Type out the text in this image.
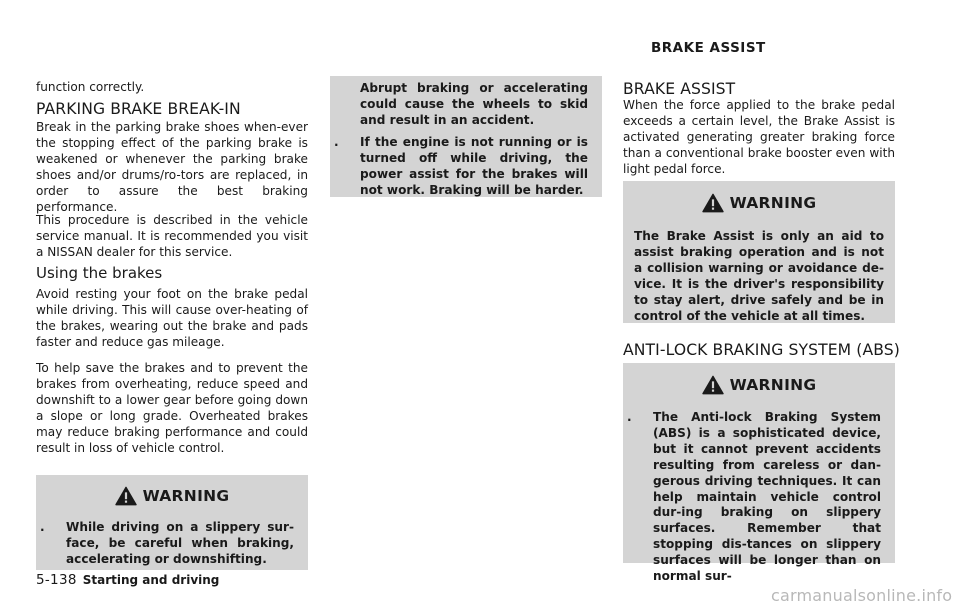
BRAKE ASSIST

function correctly.

PARKING BRAKE BREAK-IN

Break in the parking brake shoes when-ever the stopping effect of the parking brake is weakened or whenever the parking brake shoes and/or drums/ro-tors are replaced, in order to assure the best braking performance.

This procedure is described in the vehicle service manual. It is recommended you visit a NISSAN dealer for this service.

Using the brakes

Avoid resting your foot on the brake pedal while driving. This will cause over-heating of the brakes, wearing out the brake and pads faster and reduce gas mileage.

To help save the brakes and to prevent the brakes from overheating, reduce speed and downshift to a lower gear before going down a slope or long grade. Overheated brakes may reduce braking performance and could result in loss of vehicle control.

WARNING
.	While driving on a slippery sur-face, be careful when braking, accelerating or downshifting.

Abrupt braking or accelerating could cause the wheels to skid and result in an accident.

.	If the engine is not running or is turned off while driving, the power assist for the brakes will not work. Braking will be harder.

BRAKE ASSIST

When the force applied to the brake pedal exceeds a certain level, the Brake Assist is activated generating greater braking force than a conventional brake booster even with light pedal force.

WARNING

The Brake Assist is only an aid to assist braking operation and is not a collision warning or avoidance de-vice. It is the driver's responsibility to stay alert, drive safely and be in control of the vehicle at all times.

ANTI-LOCK BRAKING SYSTEM (ABS)
WARNING
.	The Anti-lock Braking System (ABS) is a sophisticated device, but it cannot prevent accidents resulting from careless or dan-gerous driving techniques. It can help maintain vehicle control dur-ing braking on slippery surfaces. Remember that stopping dis-tances on slippery surfaces will be longer than on normal sur-

5-138 Starting and driving
carmanualsonline.info
